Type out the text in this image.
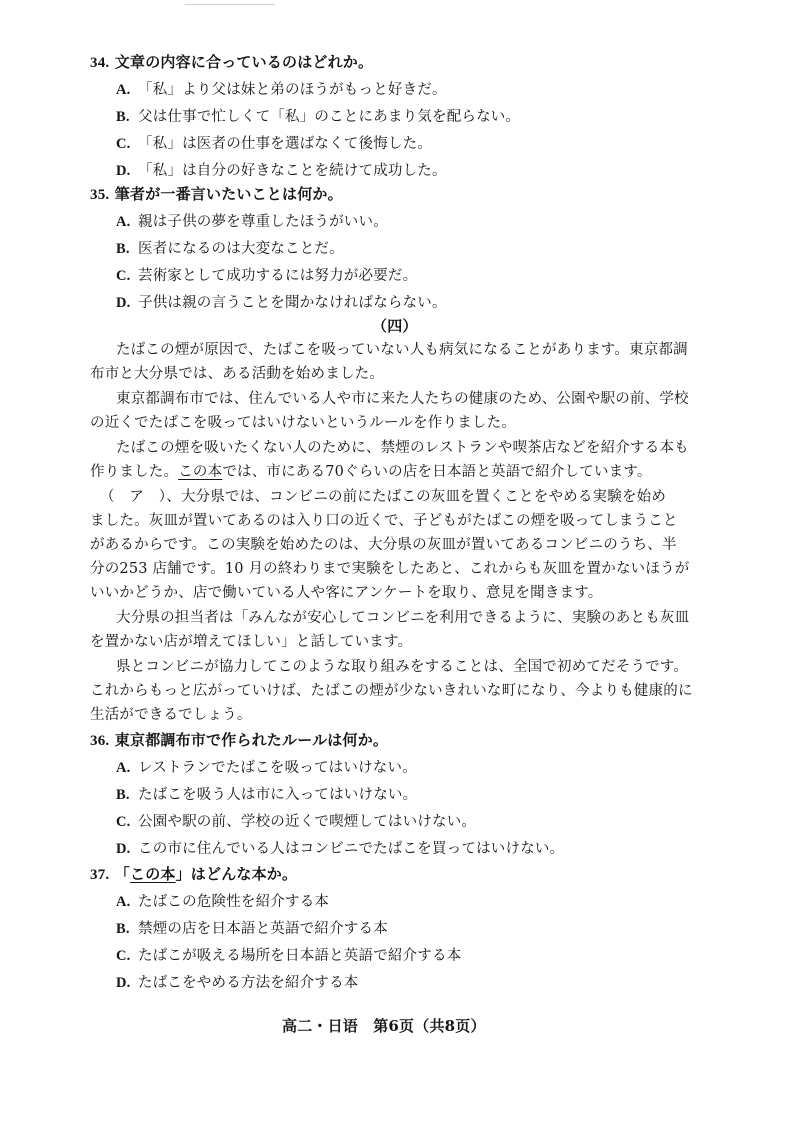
34. 文章の内容に合っているのはどれか。
A. 「私」より父は妹と弟のほうがもっと好きだ。
B. 父は仕事で忙しくて「私」のことにあまり気を配らない。
C. 「私」は医者の仕事を選ばなくて後悔した。
D. 「私」は自分の好きなことを続けて成功した。
35. 筆者が一番言いたいことは何か。
A. 親は子供の夢を尊重したほうがいい。
B. 医者になるのは大変なことだ。
C. 芸術家として成功するには努力が必要だ。
D. 子供は親の言うことを聞かなければならない。
（四）
たばこの煙が原因で、たばこを吸っていない人も病気になることがあります。東京都調
布市と大分県では、ある活動を始めました。
東京都調布市では、住んでいる人や市に来た人たちの健康のため、公園や駅の前、学校
の近くでたばこを吸ってはいけないというルールを作りました。
たばこの煙を吸いたくない人のために、禁煙のレストランや喫茶店などを紹介する本も
作りました。この本では、市にある70ぐらいの店を日本語と英語で紹介しています。
（　ア　）、大分県では、コンビニの前にたばこの灰皿を置くことをやめる実験を始め
ました。灰皿が置いてあるのは入り口の近くで、子どもがたばこの煙を吸ってしまうこと
があるからです。この実験を始めたのは、大分県の灰皿が置いてあるコンビニのうち、半
分の253 店舗です。10 月の終わりまで実験をしたあと、これからも灰皿を置かないほうが
いいかどうか、店で働いている人や客にアンケートを取り、意見を聞きます。
大分県の担当者は「みんなが安心してコンビニを利用できるように、実験のあとも灰皿
を置かない店が増えてほしい」と話しています。
県とコンビニが協力してこのような取り組みをすることは、全国で初めてだそうです。
これからもっと広がっていけば、たばこの煙が少ないきれいな町になり、今よりも健康的に
生活ができるでしょう。
36. 東京都調布市で作られたルールは何か。
A. レストランでたばこを吸ってはいけない。
B. たばこを吸う人は市に入ってはいけない。
C. 公園や駅の前、学校の近くで喫煙してはいけない。
D. この市に住んでいる人はコンビニでたばこを買ってはいけない。
37. 「この本」はどんな本か。
A. たばこの危険性を紹介する本
B. 禁煙の店を日本語と英語で紹介する本
C. たばこが吸える場所を日本語と英語で紹介する本
D. たばこをやめる方法を紹介する本
高二・日语　第6页（共8页）
